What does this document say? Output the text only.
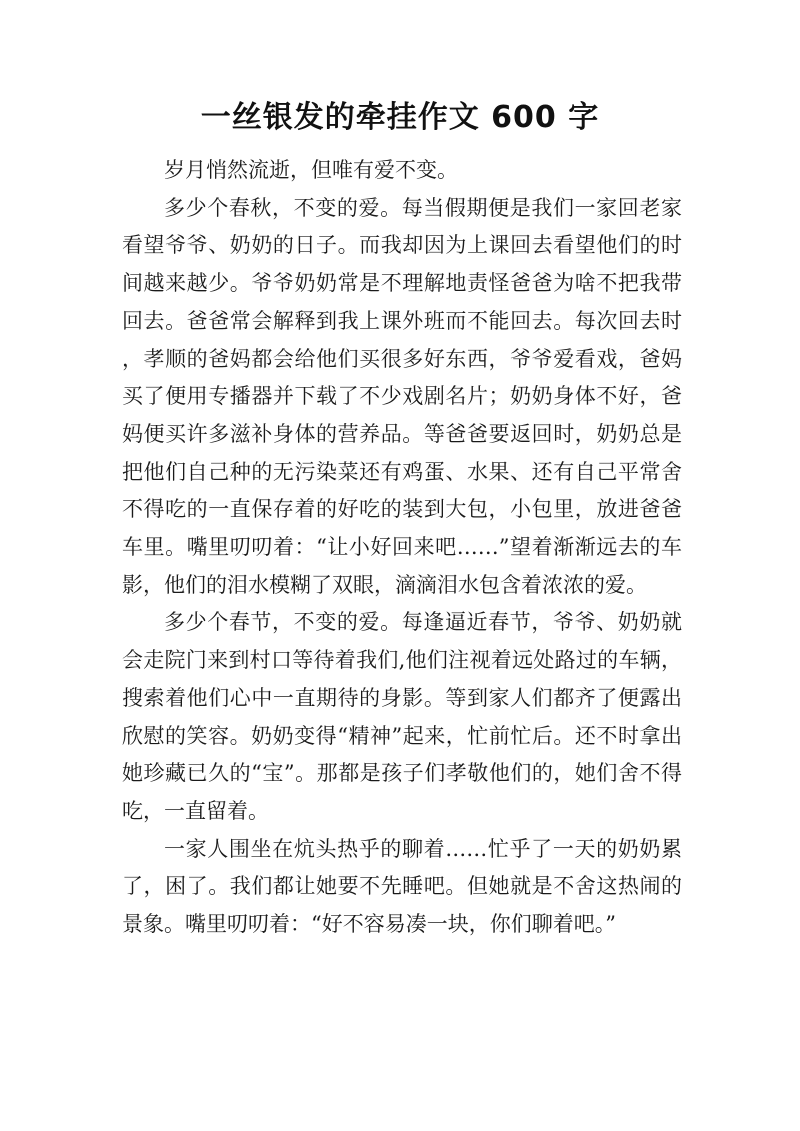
一丝银发的牵挂作文 600 字

岁月悄然流逝，但唯有爱不变。

多少个春秋，不变的爱。每当假期便是我们一家回老家看望爷爷、奶奶的日子。而我却因为上课回去看望他们的时间越来越少。爷爷奶奶常是不理解地责怪爸爸为啥不把我带回去。爸爸常会解释到我上课外班而不能回去。每次回去时，孝顺的爸妈都会给他们买很多好东西，爷爷爱看戏，爸妈买了便用专播器并下载了不少戏剧名片；奶奶身体不好，爸妈便买许多滋补身体的营养品。等爸爸要返回时，奶奶总是把他们自己种的无污染菜还有鸡蛋、水果、还有自己平常舍不得吃的一直保存着的好吃的装到大包，小包里，放进爸爸车里。嘴里叨叨着：“让小好回来吧……”望着渐渐远去的车影，他们的泪水模糊了双眼，滴滴泪水包含着浓浓的爱。

多少个春节，不变的爱。每逢逼近春节，爷爷、奶奶就会走院门来到村口等待着我们,他们注视着远处路过的车辆，搜索着他们心中一直期待的身影。等到家人们都齐了便露出欣慰的笑容。奶奶变得“精神”起来，忙前忙后。还不时拿出她珍藏已久的“宝”。那都是孩子们孝敬他们的，她们舍不得吃，一直留着。

一家人围坐在炕头热乎的聊着……忙乎了一天的奶奶累了，困了。我们都让她要不先睡吧。但她就是不舍这热闹的景象。嘴里叨叨着：“好不容易凑一块，你们聊着吧。”
